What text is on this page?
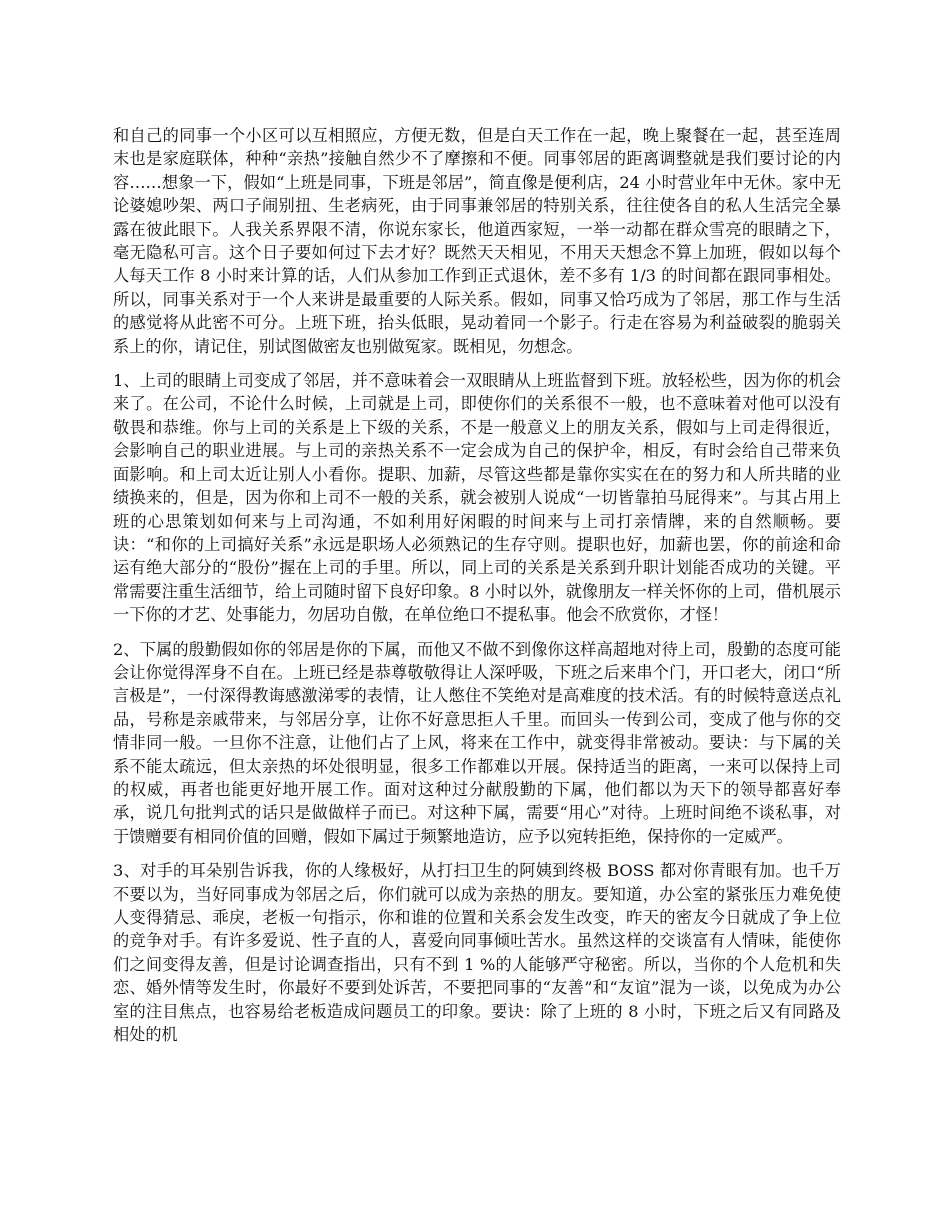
和自己的同事一个小区可以互相照应，方便无数，但是白天工作在一起，晚上聚餐在一起，甚至连周末也是家庭联体，种种“亲热”接触自然少不了摩擦和不便。同事邻居的距离调整就是我们要讨论的内容……想象一下，假如“上班是同事，下班是邻居”，简直像是便利店，24 小时营业年中无休。家中无论婆媳吵架、两口子闹别扭、生老病死，由于同事兼邻居的特别关系，往往使各自的私人生活完全暴露在彼此眼下。人我关系界限不清，你说东家长，他道西家短，一举一动都在群众雪亮的眼睛之下，毫无隐私可言。这个日子要如何过下去才好？既然天天相见，不用天天想念不算上加班，假如以每个人每天工作 8 小时来计算的话，人们从参加工作到正式退休，差不多有 1/3 的时间都在跟同事相处。所以，同事关系对于一个人来讲是最重要的人际关系。假如，同事又恰巧成为了邻居，那工作与生活的感觉将从此密不可分。上班下班，抬头低眼，晃动着同一个影子。行走在容易为利益破裂的脆弱关系上的你，请记住，别试图做密友也别做冤家。既相见，勿想念。

1、上司的眼睛上司变成了邻居，并不意味着会一双眼睛从上班监督到下班。放轻松些，因为你的机会来了。在公司，不论什么时候，上司就是上司，即使你们的关系很不一般，也不意味着对他可以没有敬畏和恭维。你与上司的关系是上下级的关系，不是一般意义上的朋友关系，假如与上司走得很近，会影响自己的职业进展。与上司的亲热关系不一定会成为自己的保护伞，相反，有时会给自己带来负面影响。和上司太近让别人小看你。提职、加薪，尽管这些都是靠你实实在在的努力和人所共睹的业绩换来的，但是，因为你和上司不一般的关系，就会被别人说成“一切皆靠拍马屁得来”。与其占用上班的心思策划如何来与上司沟通，不如利用好闲暇的时间来与上司打亲情牌，来的自然顺畅。要诀：“和你的上司搞好关系”永远是职场人必须熟记的生存守则。提职也好，加薪也罢，你的前途和命运有绝大部分的“股份”握在上司的手里。所以，同上司的关系是关系到升职计划能否成功的关键。平常需要注重生活细节，给上司随时留下良好印象。8 小时以外，就像朋友一样关怀你的上司，借机展示一下你的才艺、处事能力，勿居功自傲，在单位绝口不提私事。他会不欣赏你，才怪！

2、下属的殷勤假如你的邻居是你的下属，而他又不做不到像你这样高超地对待上司，殷勤的态度可能会让你觉得浑身不自在。上班已经是恭尊敬敬得让人深呼吸，下班之后来串个门，开口老大，闭口“所言极是”，一付深得教诲感激涕零的表情，让人憋住不笑绝对是高难度的技术活。有的时候特意送点礼品，号称是亲戚带来，与邻居分享，让你不好意思拒人千里。而回头一传到公司，变成了他与你的交情非同一般。一旦你不注意，让他们占了上风，将来在工作中，就变得非常被动。要诀：与下属的关系不能太疏远，但太亲热的坏处很明显，很多工作都难以开展。保持适当的距离，一来可以保持上司的权威，再者也能更好地开展工作。面对这种过分献殷勤的下属，他们都以为天下的领导都喜好奉承，说几句批判式的话只是做做样子而已。对这种下属，需要“用心”对待。上班时间绝不谈私事，对于馈赠要有相同价值的回赠，假如下属过于频繁地造访，应予以宛转拒绝，保持你的一定威严。

3、对手的耳朵别告诉我，你的人缘极好，从打扫卫生的阿姨到终极 BOSS 都对你青眼有加。也千万不要以为，当好同事成为邻居之后，你们就可以成为亲热的朋友。要知道，办公室的紧张压力难免使人变得猜忌、乖戾，老板一句指示，你和谁的位置和关系会发生改变，昨天的密友今日就成了争上位的竞争对手。有许多爱说、性子直的人，喜爱向同事倾吐苦水。虽然这样的交谈富有人情味，能使你们之间变得友善，但是讨论调查指出，只有不到 1 %的人能够严守秘密。所以，当你的个人危机和失恋、婚外情等发生时，你最好不要到处诉苦，不要把同事的“友善”和“友谊”混为一谈，以免成为办公室的注目焦点，也容易给老板造成问题员工的印象。要诀：除了上班的 8 小时，下班之后又有同路及相处的机
